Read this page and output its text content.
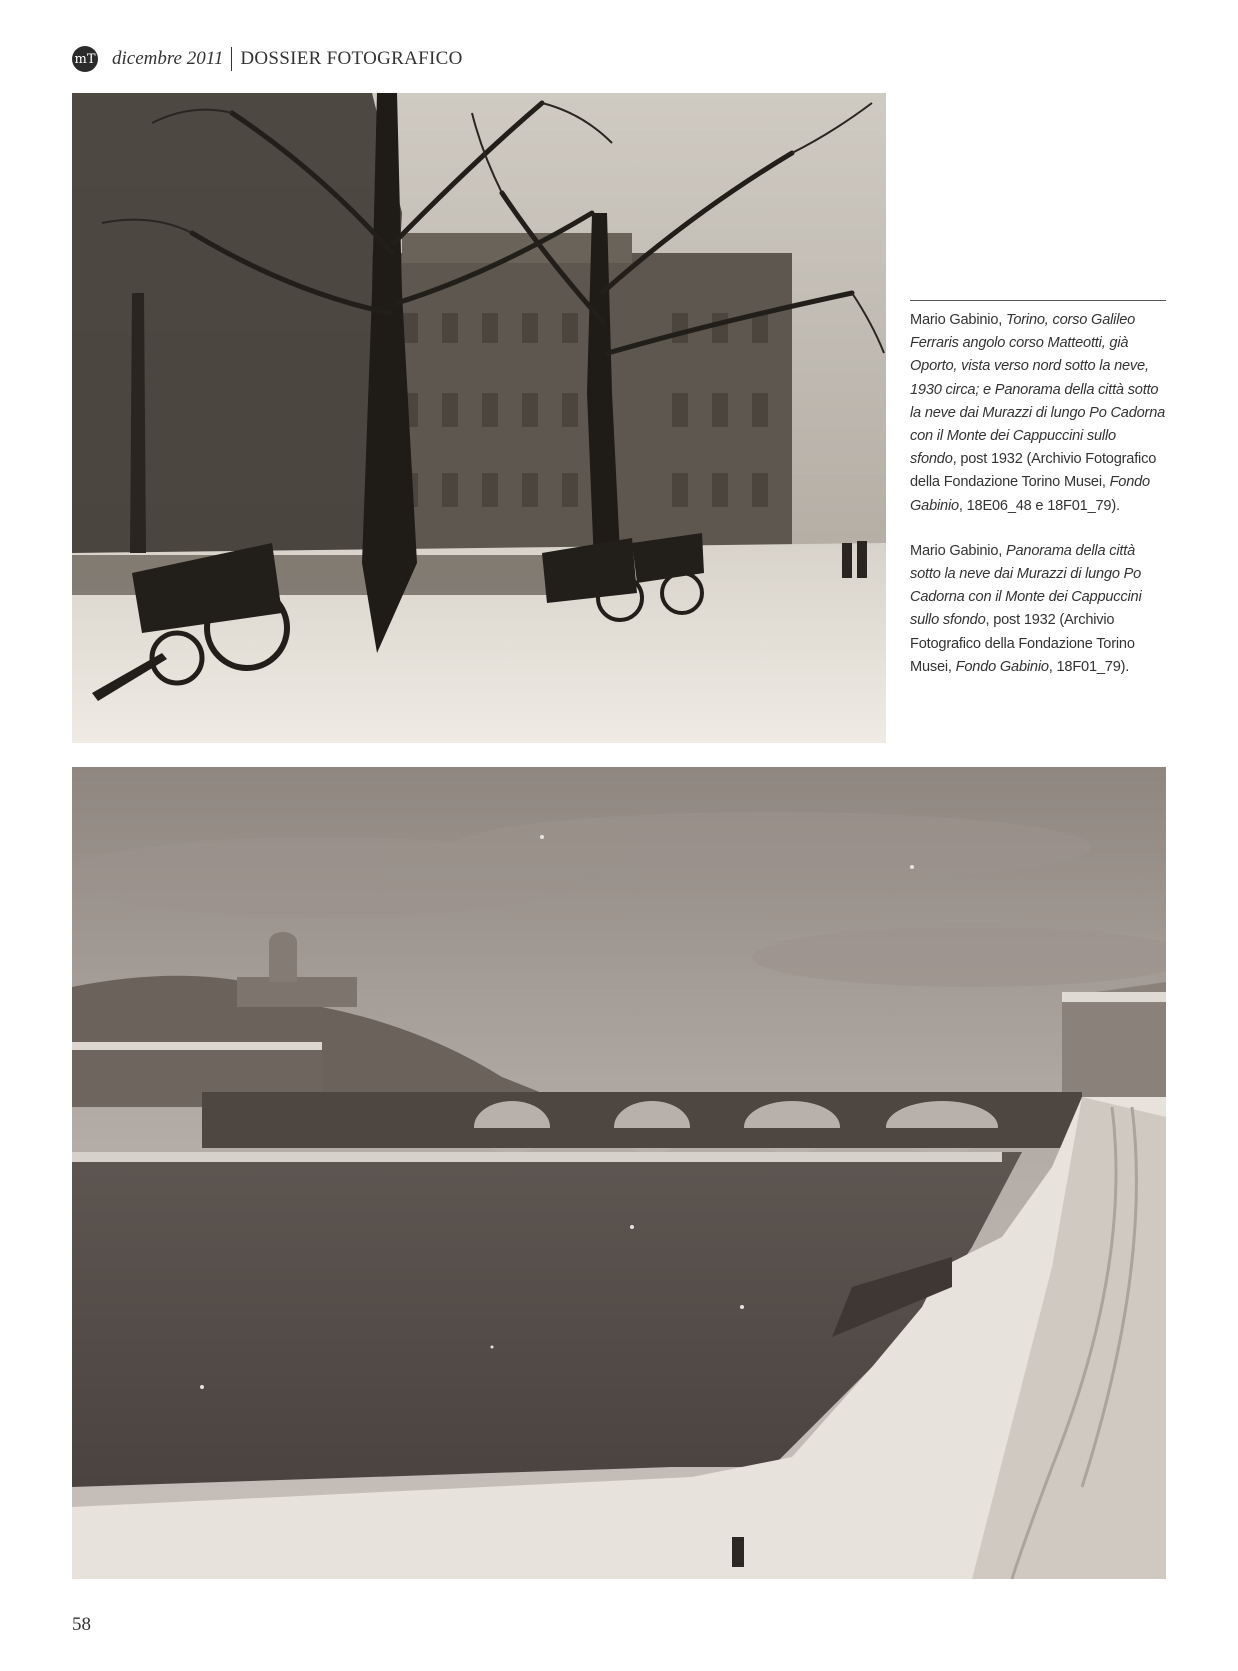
mT dicembre 2011 DOSSIER FOTOGRAFICO

Mario Gabinio, Torino, corso Galileo Ferraris angolo corso Matteotti, già Oporto, vista verso nord sotto la neve, 1930 circa; e Panorama della città sotto la neve dai Murazzi di lungo Po Cadorna con il Monte dei Cappuccini sullo sfondo, post 1932 (Archivio Fotografico della Fondazione Torino Musei, Fondo Gabinio, 18E06_48 e 18F01_79).

Mario Gabinio, Panorama della città sotto la neve dai Murazzi di lungo Po Cadorna con il Monte dei Cappuccini sullo sfondo, post 1932 (Archivio Fotografico della Fondazione Torino Musei, Fondo Gabinio, 18F01_79).

58
